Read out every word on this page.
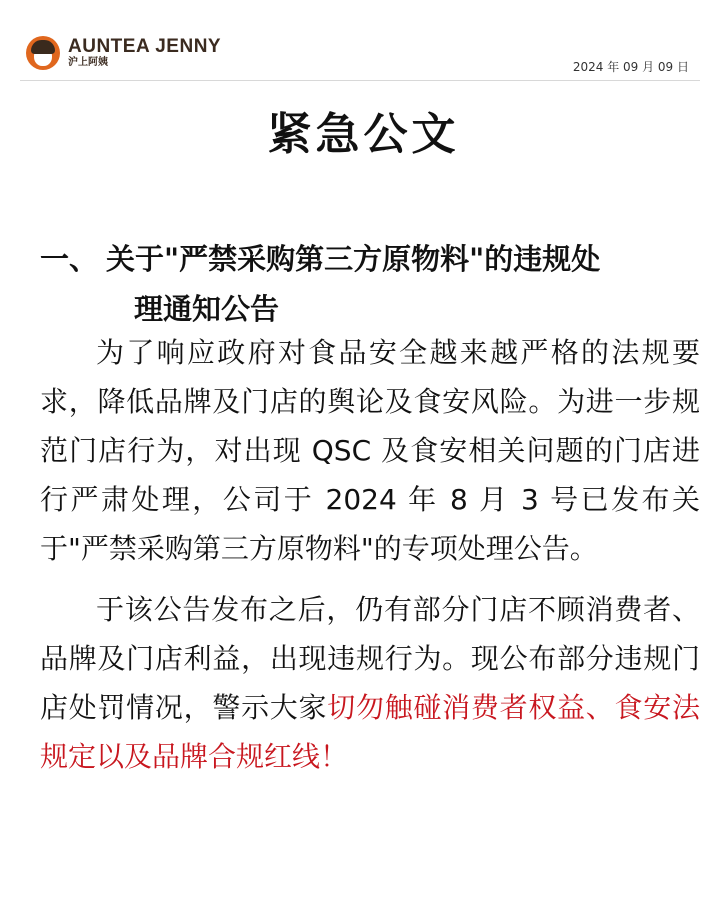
AUNTEA JENNY
沪上阿姨	2024 年 09 月 09 日
紧急公文
一、 关于"严禁采购第三方原物料"的违规处
理通知公告

为了响应政府对食品安全越来越严格的法规要求，降低品牌及门店的舆论及食安风险。为进一步规范门店行为，对出现 QSC 及食安相关问题的门店进行严肃处理，公司于 2024 年 8 月 3 号已发布关于"严禁采购第三方原物料"的专项处理公告。

于该公告发布之后，仍有部分门店不顾消费者、品牌及门店利益，出现违规行为。现公布部分违规门店处罚情况，警示大家切勿触碰消费者权益、食安法规定以及品牌合规红线！
